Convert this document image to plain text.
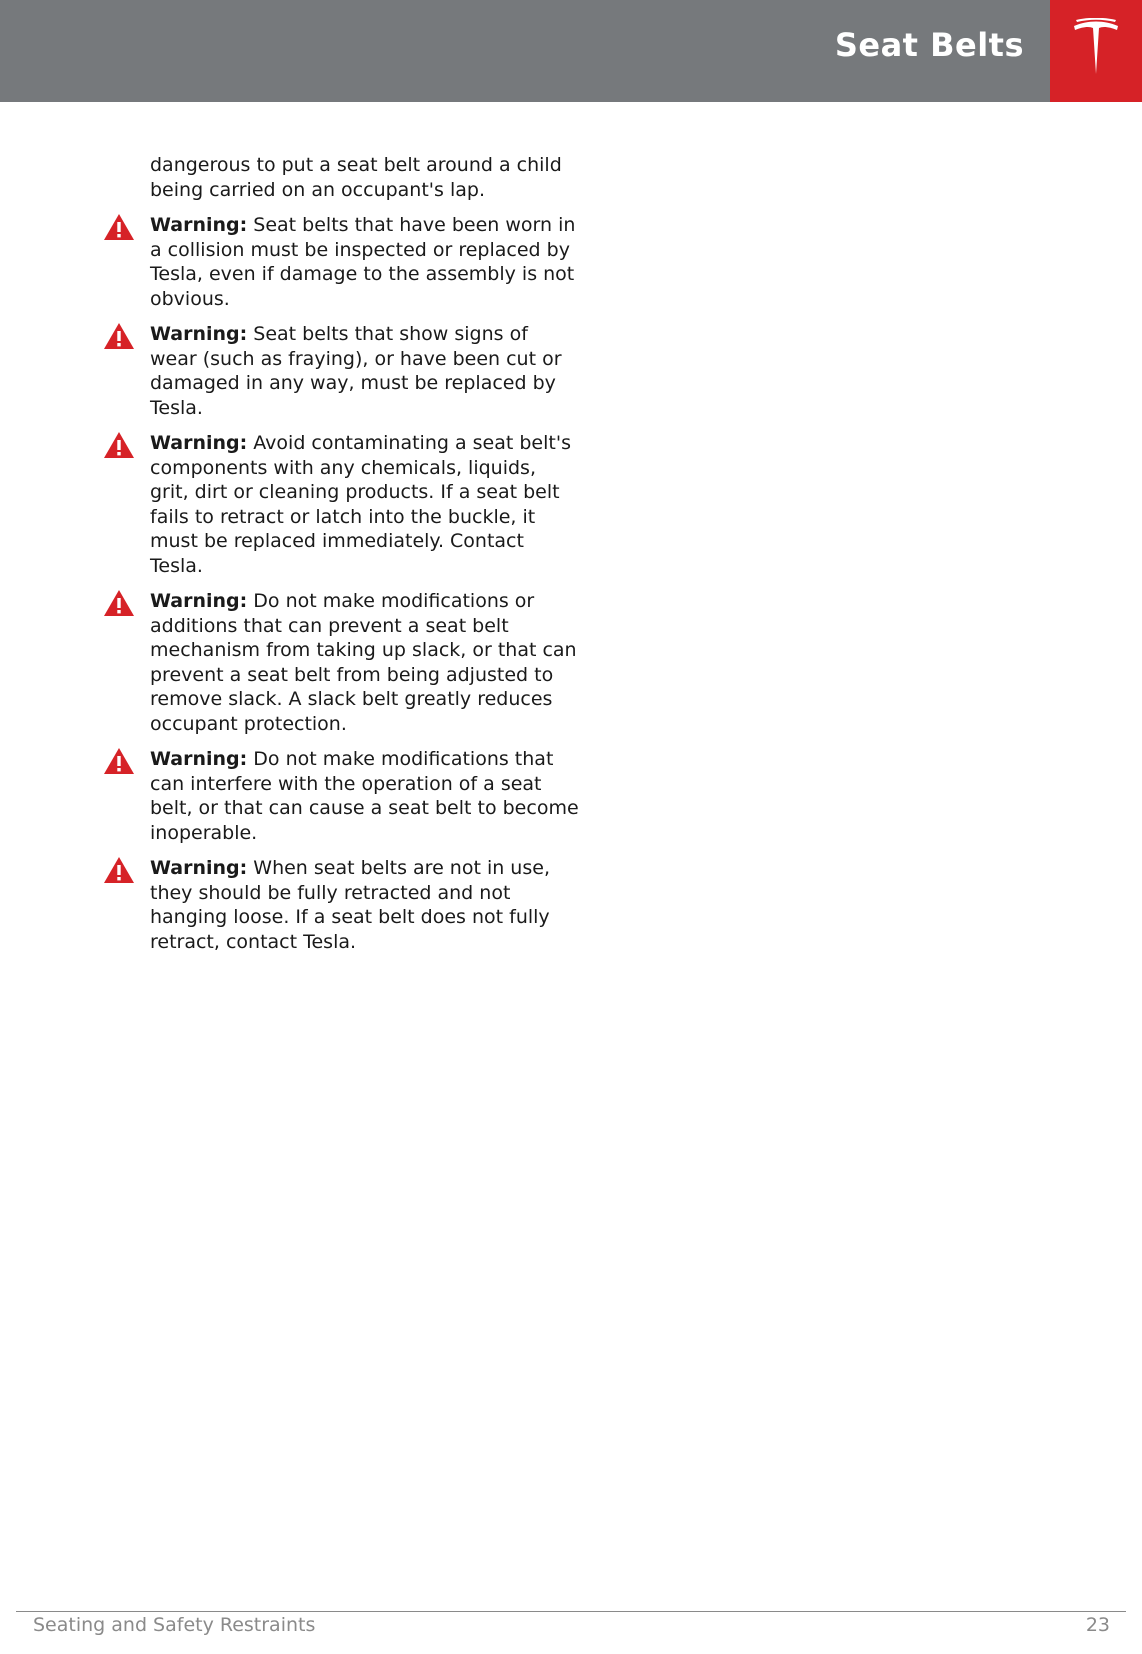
Seat Belts

dangerous to put a seat belt around a child being carried on an occupant's lap.

Warning: Seat belts that have been worn in a collision must be inspected or replaced by Tesla, even if damage to the assembly is not obvious.
Warning: Seat belts that show signs of wear (such as fraying), or have been cut or damaged in any way, must be replaced by Tesla.
Warning: Avoid contaminating a seat belt's components with any chemicals, liquids, grit, dirt or cleaning products. If a seat belt fails to retract or latch into the buckle, it must be replaced immediately. Contact Tesla.
Warning: Do not make modifications or additions that can prevent a seat belt mechanism from taking up slack, or that can prevent a seat belt from being adjusted to remove slack. A slack belt greatly reduces occupant protection.
Warning: Do not make modifications that can interfere with the operation of a seat belt, or that can cause a seat belt to become inoperable.
Warning: When seat belts are not in use, they should be fully retracted and not hanging loose. If a seat belt does not fully retract, contact Tesla.
Seating and Safety Restraints	23
